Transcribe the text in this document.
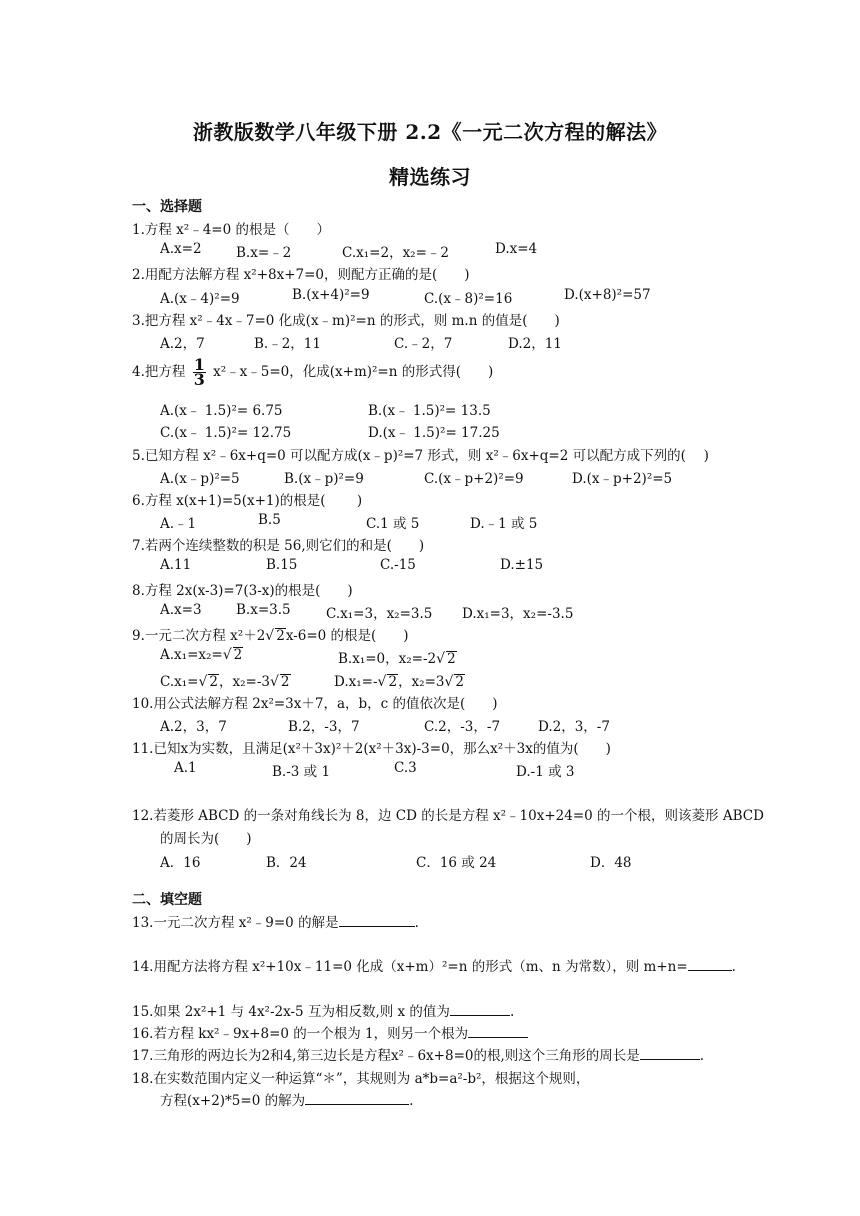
浙教版数学八年级下册 2.2《一元二次方程的解法》
精选练习
一、选择题
1.方程 x²﹣4=0 的根是（　　）
A.x=2	B.x=﹣2	C.x₁=2，x₂=﹣2	D.x=4
2.用配方法解方程 x²+8x+7=0，则配方正确的是(　　)
A.(x﹣4)²=9	B.(x+4)²=9	C.(x﹣8)²=16	D.(x+8)²=57
3.把方程 x²﹣4x﹣7=0 化成(x﹣m)²=n 的形式，则 m.n 的值是(　　)
A.2，7	B.﹣2，11	C.﹣2，7	D.2，11
4.把方程 $\frac{1}{3}$ x²﹣x﹣5=0，化成(x+m)²=n 的形式得(　　)
A.(x﹣ 1.5)²= 6.75	B.(x﹣ 1.5)²= 13.5
C.(x﹣ 1.5)²= 12.75	D.(x﹣ 1.5)²= 17.25
5.已知方程 x²﹣6x+q=0 可以配方成(x﹣p)²=7 形式，则 x²﹣6x+q=2 可以配方成下列的(　 )
A.(x﹣p)²=5	B.(x﹣p)²=9	C.(x﹣p+2)²=9	D.(x﹣p+2)²=5
6.方程 x(x+1)=5(x+1)的根是(　　 )
A.﹣1	B.5	C.1 或 5	D.﹣1 或 5
7.若两个连续整数的积是 56,则它们的和是(　　)
A.11	B.15	C.-15	D.±15
8.方程 2x(x-3)=7(3-x)的根是(　　)
A.x=3	B.x=3.5	C.x₁=3，x₂=3.5 D.x₁=3，x₂=-3.5
9.一元二次方程 x²＋2√ 2x-6=0 的根是(　　)
A.x₁=x₂=√ 2	B.x₁=0，x₂=-2√ 2
C.x₁=√ 2，x₂=-3√ 2	D.x₁=-√ 2，x₂=3√ 2
10.用公式法解方程 2x²=3x＋7，a，b，c 的值依次是(　　)
A.2，3，7	B.2，-3，7	C.2，-3，-7	D.2，3，-7
11.已知x为实数，且满足(x²＋3x)²＋2(x²＋3x)-3=0，那么x²＋3x的值为(　　)
A.1	B.-3 或 1	C.3	D.-1 或 3
12.若菱形 ABCD 的一条对角线长为 8，边 CD 的长是方程 x²﹣10x+24=0 的一个根，则该菱形 ABCD
的周长为(　　)
A．16	B．24	C．16 或 24	D．48
二、填空题
13.一元二次方程 x²﹣9=0 的解是	.
14.用配方法将方程 x²+10x﹣11=0 化成（x+m）²=n 的形式（m、n 为常数），则 m+n=	.
15.如果 2x²+1 与 4x²-2x-5 互为相反数,则 x 的值为	.
16.若方程 kx²﹣9x+8=0 的一个根为 1，则另一个根为
17.三角形的两边长为2和4,第三边长是方程x²﹣6x+8=0的根,则这个三角形的周长是	.
18.在实数范围内定义一种运算“＊”，其规则为 a*b=a²-b²，根据这个规则，
方程(x+2)*5=0 的解为	.
